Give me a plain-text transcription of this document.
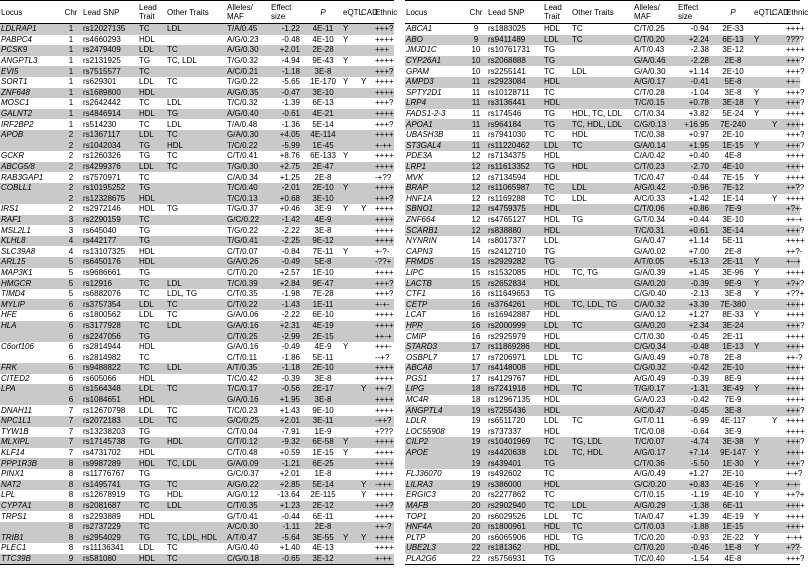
Locus	Chr	Lead SNP	Lead Trait	Other Traits	Alleles/ MAF	Effect size	P	eQTL	CAD	Ethnic
LDLRAP1	1	rs12027135	TC	LDL	T/A/0.45	-1.22	4E-11	Y		+++?
PABPC4	1	rs4660293	HDL		A/G/0.23	-0.48	4E-10	Y		++++
PCSK9	1	rs2479409	LDL	TC	A/G/0.30	+2.01	2E-28			+++
ANGPTL3	1	rs2131925	TG	TC, LDL	T/G/0.32	-4.94	9E-43	Y		++++
EVI5	1	rs7515577	TC		A/C/0.21	-1.18	3E-8			+++?
SORT1	1	rs629301	LDL	TC	T/G/0.22	-5.65	1E-170	Y	Y	++++
ZNF648	1	rs1689800	HDL		A/G/0.35	-0.47	3E-10			++++
MOSC1	1	rs2642442	TC	LDL	T/C/0.32	-1.39	6E-13			+++?
GALNT2	1	rs4846914	HDL	TG	A/G/0.40	-0.61	4E-21			++++
IRF2BP2	1	rs514230	TC	LDL	T/A/0.48	-1.36	5E-14			+++?
APOB	2	rs1367117	LDL	TC	G/A/0.30	+4.05	4E-114			++++
	2	rs1042034	TG	HDL	T/C/0.22	-5.99	1E-45			+-++
GCKR	2	rs1260326	TG	TC	C/T/0.41	+8.76	6E-133	Y		++++
ABCG5/8	2	rs4299376	LDL	TC	T/G/0.30	+2.75	2E-47			++++
RAB3GAP1	2	rs7570971	TC		C/A/0.34	+1.25	2E-8			-+??
COBLL1	2	rs10195252	TG		T/C/0.40	-2.01	2E-10	Y		++++
	2	rs12328675	HDL		T/C/0.13	+0.68	3E-10			+++?
IRS1	2	rs2972146	HDL	TG	T/G/0.37	+0.46	3E-9	Y	Y	++++
RAF1	3	rs2290159	TC		G/C/0.22	-1.42	4E-9			++++
MSL2L1	3	rs645040	TG		T/G/0.22	-2.22	3E-8			++++
KLHL8	4	rs442177	TG		T/G/0.41	-2.25	9E-12			++++
SLC39A8	4	rs13107325	HDL		C/T/0.07	-0.84	7E-11	Y		+-?-
ARL15	5	rs6450176	HDL		G/A/0.26	-0.49	5E-8			-??+
MAP3K1	5	rs9686661	TG		C/T/0.20	+2.57	1E-10			++++
HMGCR	5	rs12916	TC	LDL	T/C/0.39	+2.84	9E-47			+++?
TIMD4	5	rs6882076	TC	LDL, TG	C/T/0.35	-1.98	7E-28			+++?
MYLIP	6	rs3757354	LDL	TC	C/T/0.22	-1.43	1E-11			+-+-
HFE	6	rs1800562	LDL	TC	G/A/0.06	-2.22	6E-10			++++
HLA	6	rs3177928	TC	LDL	G/A/0.16	+2.31	4E-19			++++
	6	rs2247056	TG		C/T/0.25	-2.99	2E-15			++-+
C6orf106	6	rs2814944	HDL		G/A/0.16	-0.49	4E-9	Y		+++-
	6	rs2814982	TC		C/T/0.11	-1.86	5E-11			--+?
FRK	6	rs9488822	TC	LDL	A/T/0.35	-1.18	2E-10			++++
CITED2	6	rs605066	HDL		T/C/0.42	-0.39	3E-8			++++
LPA	6	rs1564348	LDL	TC	T/C/0.17	-0.56	2E-17		Y	++-?
	6	rs1084651	HDL		G/A/0.16	+1.95	3E-8			++++
DNAH11	7	rs12670798	LDL	TC	T/C/0.23	+1.43	9E-10			++++
NPC1L1	7	rs2072183	LDL	TC	G/C/0.25	+2.01	3E-11			-++?
TYW1B	7	rs13238203	TG		C/T/0.04	-7.91	1E-9			+???
MLXIPL	7	rs17145738	TG	HDL	C/T/0.12	-9.32	6E-58	Y		++++
KLF14	7	rs4731702	HDL		C/T/0.48	+0.59	1E-15	Y		++++
PPP1R3B	8	rs9987289	HDL	TC, LDL	G/A/0.09	-1.21	6E-25			++++
PINX1	8	rs11776767	TG		G/C/0.37	+2.01	1E-8			++++
NAT2	8	rs1495741	TG	TC	A/G/0.22	+2.85	5E-14		Y	-+++
LPL	8	rs12678919	TG	HDL	A/G/0.12	-13.64	2E-115		Y	++++
CYP7A1	8	rs2081687	TC	LDL	C/T/0.35	+1.23	2E-12			+++?
TRPS1	8	rs2293889	HDL		G/T/0.41	-0.44	6E-11			++++
	8	rs2737229	TC		A/C/0.30	-1.11	2E-8			++-?
TRIB1	8	rs2954029	TG	TC, LDL, HDL	A/T/0.47	-5.64	3E-55	Y	Y	++++
PLEC1	8	rs11136341	LDL	TC	A/G/0.40	+1.40	4E-13			++++
TTC39B	9	rs581080	HDL	TC	C/G/0.18	-0.65	3E-12			+-++
Locus	Chr	Lead SNP	Lead Trait	Other Traits	Alleles/ MAF	Effect size	P	eQTL	CAD	Ethnic
ABCA1	9	rs1883025	HDL	TC	C/T/0.25	-0.94	2E-33			++++
ABO	9	rs9411489	LDL	TC	C/T/0.20	+2.24	6E-13	Y		????
JMJD1C	10	rs10761731	TG		A/T/0.43	-2.38	3E-12			++++
CYP26A1	10	rs2068888	TG		G/A/0.46	-2.28	2E-8			+++?
GPAM	10	rs2255141	TC	LDL	G/A/0.30	+1.14	2E-10			+++?
AMPD3	11	rs2923084	HDL		A/G/0.17	-0.41	5E-8			++--
SPTY2D1	11	rs10128711	TC		C/T/0.28	-1.04	3E-8	Y		+++?
LRP4	11	rs3136441	HDL		T/C/0.15	+0.78	3E-18	Y		+++?
FADS1-2-3	11	rs174546	TG	HDL, TC, LDL	C/T/0.34	+3.82	5E-24	Y		++++
APOA1	11	rs964184	TG	TC, HDL, LDL	C/G/0.13	+16.95	7E-240		Y	++++
UBASH3B	11	rs7941030	TC	HDL	T/C/0.38	+0.97	2E-10			+++?
ST3GAL4	11	rs11220462	LDL	TC	G/A/0.14	+1.95	1E-15	Y		+++?
PDE3A	12	rs7134375	HDL		C/A/0.42	+0.40	4E-8			++++
LRP1	12	rs11613352	TG	HDL	C/T/0.23	-2.70	4E-10			++++
MVK	12	rs7134594	HDL		T/C/0.47	-0.44	7E-15	Y		++++
BRAP	12	rs11065987	TC	LDL	A/G/0.42	-0.96	7E-12			++??
HNF1A	12	rs1169288	TC	LDL	A/C/0.33	+1.42	1E-14		Y	++++
SBNO1	12	rs4759375	HDL		C/T/0.06	+0.86	7E-9			+?+-
ZNF664	12	rs4765127	HDL	TG	G/T/0.34	+0.44	3E-10			++-+
SCARB1	12	rs838880	HDL		T/C/0.31	+0.61	3E-14			+++?
NYNRIN	14	rs8017377	LDL		G/A/0.47	+1.14	5E-11			++++
CAPN3	15	rs2412710	TG		G/A/0.02	+7.00	2E-8			++?-
FRMD5	15	rs2929282	TG		A/T/0.05	+5.13	2E-11	Y		+--+
LIPC	15	rs1532085	HDL	TC, TG	G/A/0.39	+1.45	3E-96	Y		++++
LACTB	15	rs2652834	HDL		G/A/0.20	-0.39	9E-9	Y		+?+?
CTF1	16	rs11649653	TG		C/G/0.40	-2.13	3E-8	Y		+??+
CETP	16	rs3764261	HDL	TC, LDL, TG	C/A/0.32	+3.39	7E-380			++++
LCAT	16	rs16942887	HDL		G/A/0.12	+1.27	8E-33	Y		++++
HPR	16	rs2000999	LDL	TC	G/A/0.20	+2.34	3E-24			+++?
CMIP	16	rs2925979	HDL		C/T/0.30	-0.45	2E-11			++++
STARD3	17	rs11869286	HDL		C/G/0.34	-0.48	1E-13	Y		++++
OSBPL7	17	rs7206971	LDL	TC	G/A/0.49	+0.78	2E-8			++-?
ABCA8	17	rs4148008	HDL		C/G/0.32	-0.42	2E-10			++++
PGS1	17	rs4129767	HDL		A/G/0.49	-0.39	8E-9			++++
LIPG	18	rs7241918	HDL	TC	T/G/0.17	-1.31	3E-49	Y		++++
MC4R	18	rs12967135	HDL		G/A/0.23	-0.42	7E-9			++++
ANGPTL4	19	rs7255436	HDL		A/C/0.47	-0.45	3E-8			+++?
LDLR	19	rs6511720	LDL	TC	G/T/0.11	-6.99	4E-117		Y	++++
LOC55908	19	rs737337	HDL		T/C/0.08	-0.64	3E-9			++++
CILP2	19	rs10401969	TC	TG, LDL	T/C/0.07	-4.74	3E-38	Y		+++?
APOE	19	rs4420638	LDL	TC, HDL	A/G/0.17	+7.14	9E-147	Y		++++
	19	rs439401	TG		C/T/0.36	-5.50	1E-30	Y		+++?
FLJ36070	19	rs492602	TC		A/G/0.49	+1.27	2E-10			+-+?
LILRA3	19	rs386000	HDL		G/C/0.20	+0.83	4E-16	Y		+-+-
ERGIC3	20	rs2277862	TC		C/T/0.15	-1.19	4E-10	Y		++?+
MAFB	20	rs2902940	TC	LDL	A/G/0.29	-1.38	6E-11			++++
TOP1	20	rs6029526	LDL	TC	T/A/0.47	+1.39	4E-19	Y		++++
HNF4A	20	rs1800961	HDL	TC	C/T/0.03	-1.88	1E-15			++++
PLTP	20	rs6065906	HDL	TG	T/C/0.20	-0.93	2E-22	Y		+-++
UBE2L3	22	rs181362	HDL		C/T/0.20	-0.46	1E-8	Y		+??-
PLA2G6	22	rs5756931	TG		T/C/0.40	-1.54	4E-8			+++?
